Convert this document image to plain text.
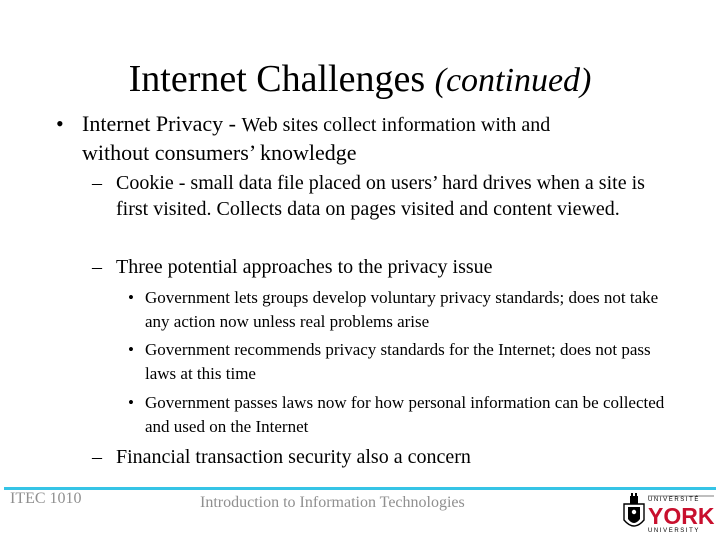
Internet Challenges (continued)
• Internet Privacy - Web sites collect information with and
without consumers’ knowledge
– Cookie - small data file placed on users’ hard drives when a site is first visited. Collects data on pages visited and content viewed.
– Three potential approaches to the privacy issue
• Government lets groups develop voluntary privacy standards; does not take any action now unless real problems arise
• Government recommends privacy standards for the Internet; does not pass laws at this time
• Government passes laws now for how personal information can be collected and used on the Internet
– Financial transaction security also a concern
ITEC 1010	Introduction to Information Technologies	UNIVERSITÉ
YORK
UNIVERSITY
